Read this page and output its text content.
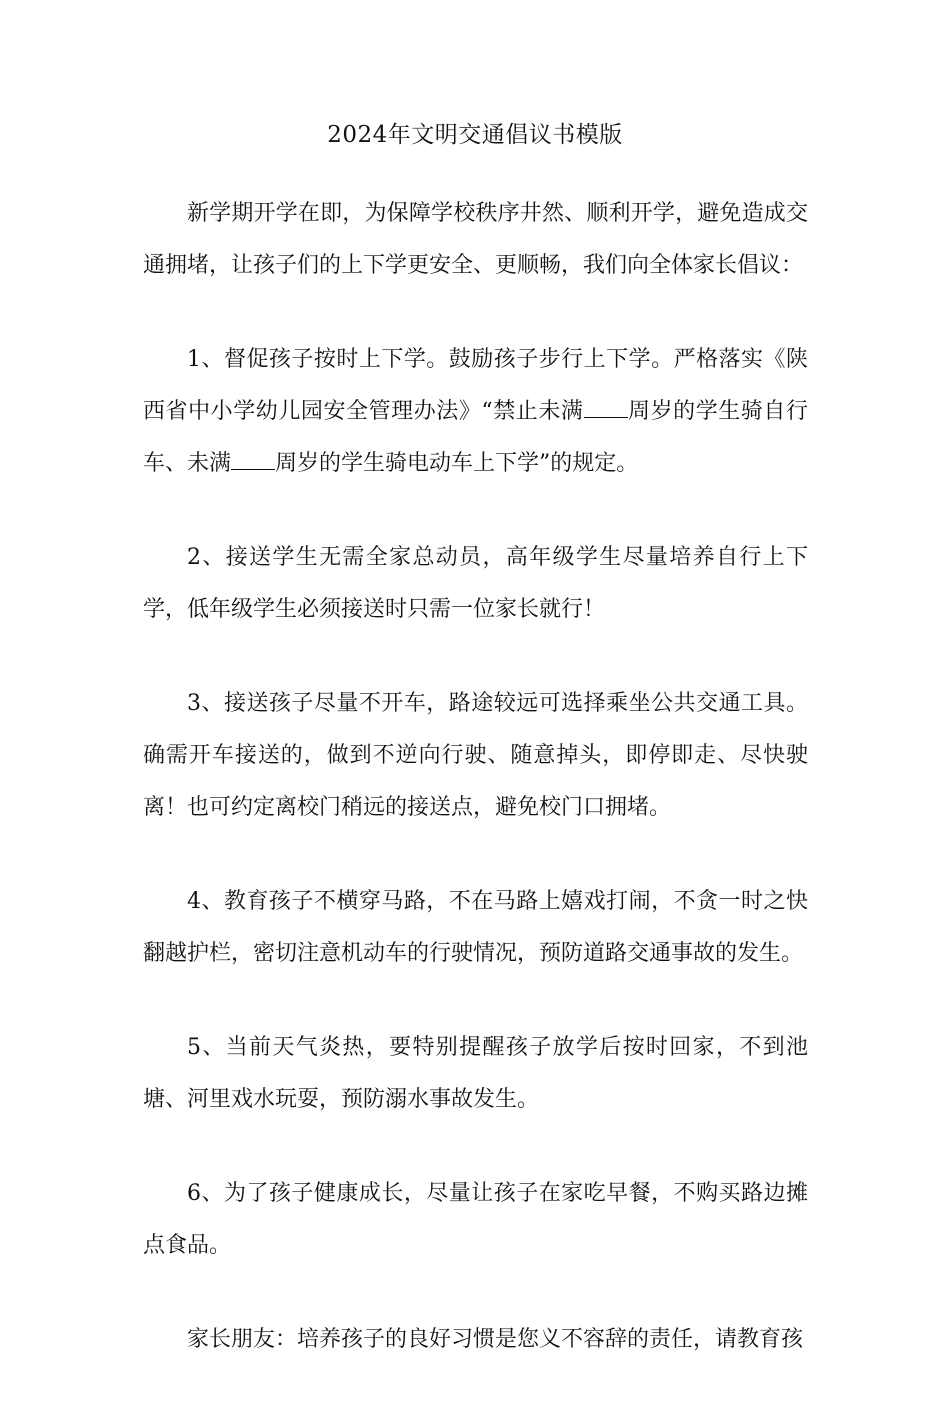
2024年文明交通倡议书模版

新学期开学在即，为保障学校秩序井然、顺利开学，避免造成交通拥堵，让孩子们的上下学更安全、更顺畅，我们向全体家长倡议：

1、督促孩子按时上下学。鼓励孩子步行上下学。严格落实《陕西省中小学幼儿园安全管理办法》“禁止未满 周岁的学生骑自行车、未满 周岁的学生骑电动车上下学”的规定。

2、接送学生无需全家总动员，高年级学生尽量培养自行上下学，低年级学生必须接送时只需一位家长就行！

3、接送孩子尽量不开车，路途较远可选择乘坐公共交通工具。确需开车接送的，做到不逆向行驶、随意掉头，即停即走、尽快驶离！也可约定离校门稍远的接送点，避免校门口拥堵。

4、教育孩子不横穿马路，不在马路上嬉戏打闹，不贪一时之快翻越护栏，密切注意机动车的行驶情况，预防道路交通事故的发生。

5、当前天气炎热，要特别提醒孩子放学后按时回家，不到池塘、河里戏水玩耍，预防溺水事故发生。

6、为了孩子健康成长，尽量让孩子在家吃早餐，不购买路边摊点食品。

家长朋友：培养孩子的良好习惯是您义不容辞的责任，请教育孩
